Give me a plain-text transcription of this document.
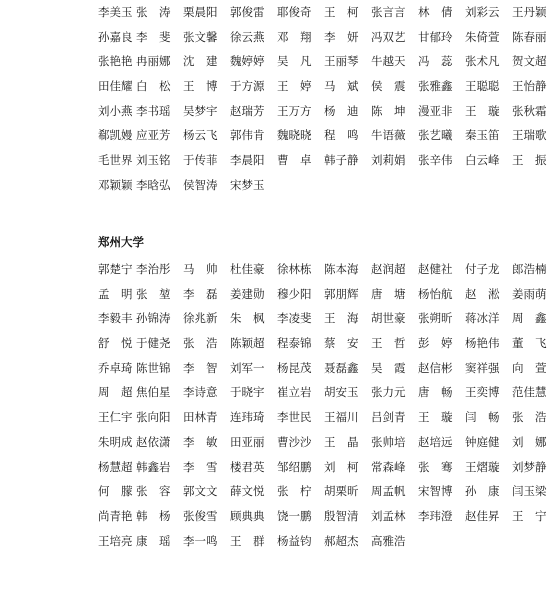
李美玉 张　涛	栗晨阳	郭俊雷	耶俊奇	王　柯	张言言	林　倩	刘彩云	王丹颖
孙嘉良 李　斐	张文馨	徐云燕	邓　翔	李　妍	冯双艺	甘郁玲	朱倚萱	陈春丽
张艳艳 冉丽娜	沈　建	魏婷婷	吴　凡	王丽琴	牛越天	冯　蕊	张术凡	贺文超
田佳耀 白　松	王　博	于方源	王　婷	马　斌	侯　震	张雅鑫	王聪聪	王怡静
刘小燕 李书瑶	吴梦宇	赵瑞芳	王万方	杨　迪	陈　坤	漫亚非	王　璇	张秋霜
郗凯嫚 应亚芳	杨云飞	郭伟肯	魏晓晓	程　鸣	牛语薇	张艺曦	秦玉笛	王瑞歌
毛世界 刘玉铭	于传菲	李晨阳	曹　卓	韩子静	刘莉娟	张辛伟	白云峰	王　振
邓颖颖 李晗弘	侯智涛	宋梦玉
郑州大学
郭楚宁 李治彤	马　帅	杜佳豪	徐林栋	陈本海	赵润超	赵健社	付子龙	郎浩楠
孟　明 张　堃	李　磊	姜建勋	穆少阳	郭朋辉	唐　塘	杨怡航	赵　淞	姜雨萌
李毅丰 孙锦涛	徐兆新	朱　枫	李凌斐	王　海	胡世豪	张朔昕	蒋冰洋	周　鑫
舒　悦 于健尧	张　浩	陈颖超	程泰锦	蔡　安	王　哲	彭　婷	杨艳伟	董　飞
乔卓琦 陈世锦	李　智	刘军一	杨昆茂	聂磊鑫	吴　霞	赵信彬	窦祥强	向　萱
周　超 焦伯星	李诗意	于晓宇	崔立岩	胡安玉	张力元	唐　畅	王奕博	范佳慧
王仁宇 张向阳	田林青	连玮琦	李世民	王福川	吕剑青	王　璇	闫　畅	张　浩
朱明成 赵依潇	李　敏	田亚丽	曹沙沙	王　晶	张帅培	赵培远	钟庭健	刘　娜
杨慧超 韩鑫岩	李　雪	楼君英	邹绍鹏	刘　柯	常森峰	张　骞	王熠璇	刘梦静
何　朦 张　容	郭文文	薛文悦	张　柠	胡栗昕	周孟帆	宋智博	孙　康	闫玉梁
尚青艳 韩　杨	张俊雪	顾典典	饶一鹏	殷智清	刘孟林	李玮澄	赵佳昇	王　宁
王培亮 康　瑶	李一鸣	王　群	杨益钧	郝超杰	高雅浩
